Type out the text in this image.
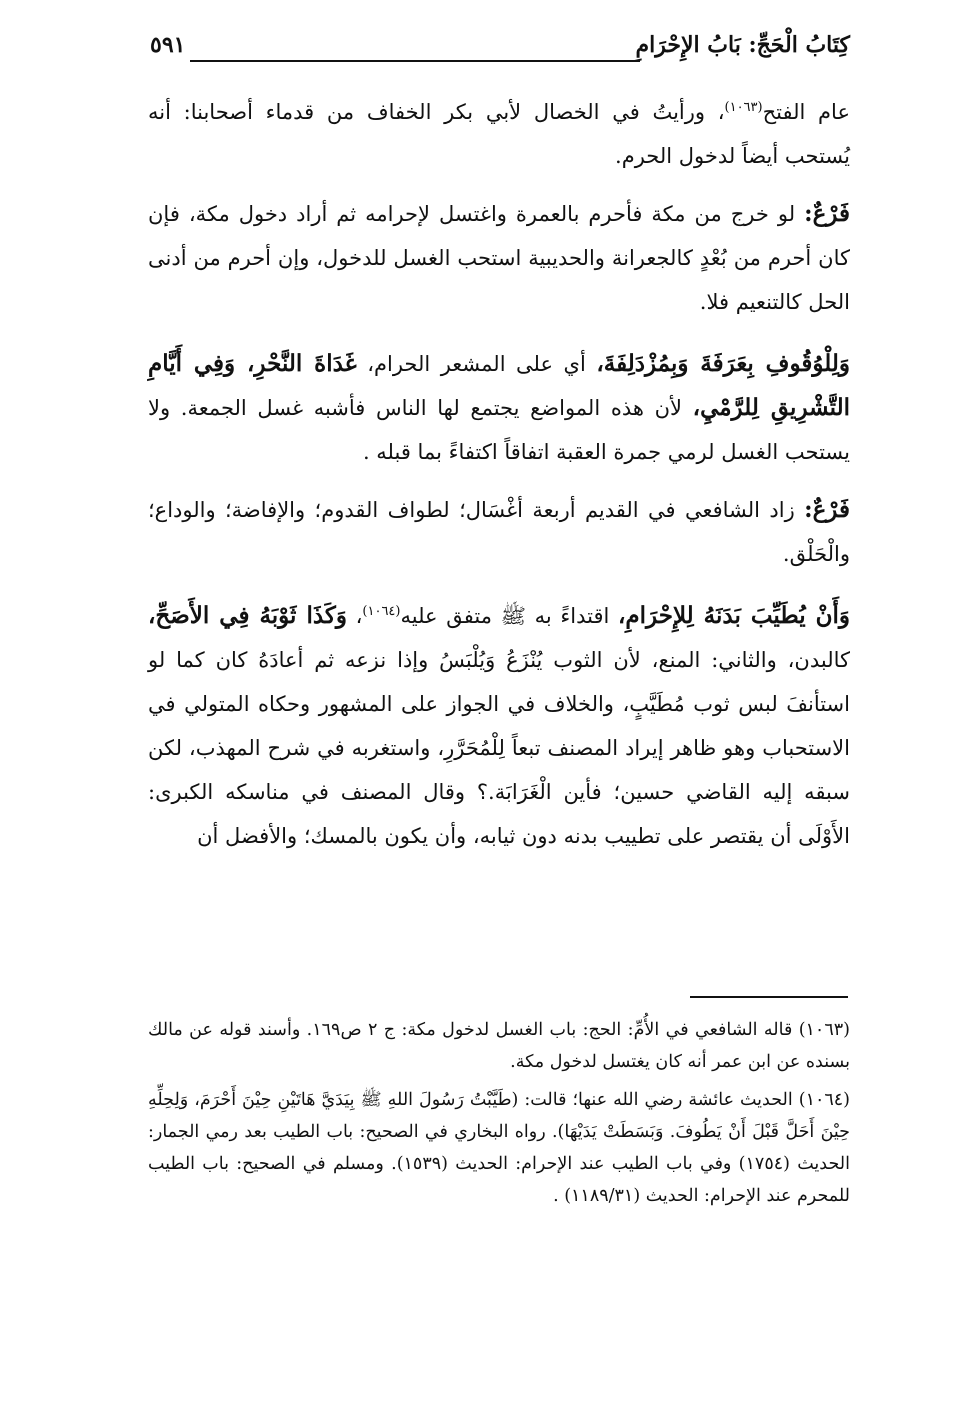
كِتَابُ الْحَجِّ: بَابُ الإِحْرَامِ
٥٩١

عام الفتح$^{(١٠٦٣)}$، ورأيتُ في الخصال لأبي بكر الخفاف من قدماء أصحابنا: أنه يُستحب أيضاً لدخول الحرم.

فَرْعٌ: لو خرج من مكة فأحرم بالعمرة واغتسل لإحرامه ثم أراد دخول مكة، فإن كان أحرم من بُعْدٍ كالجعرانة والحديبية استحب الغسل للدخول، وإن أحرم من أدنى الحل كالتنعيم فلا.

وَلِلْوُقُوفِ بِعَرَفَةَ وَبِمُزْدَلِفَةَ، أي على المشعر الحرام، غَدَاةَ النَّحْرِ، وَفِي أَيَّامِ التَّشْرِيقِ لِلرَّمْيِ، لأن هذه المواضع يجتمع لها الناس فأشبه غسل الجمعة. ولا يستحب الغسل لرمي جمرة العقبة اتفاقاً اكتفاءً بما قبله .

فَرْعٌ: زاد الشافعي في القديم أربعة أغْسَال؛ لطواف القدوم؛ والإفاضة؛ والوداع؛ والْحَلْق.

وَأَنْ يُطَيِّبَ بَدَنَهُ لِلإِحْرَامِ، اقتداءً به ﷺ متفق عليه$^{(١٠٦٤)}$، وَكَذَا ثَوْبَهُ فِي الأَصَحِّ، كالبدن، والثاني: المنع، لأن الثوب يُنْزَعُ وَيُلْبَسُ وإذا نزعه ثم أعادَهُ كان كما لو استأنفَ لبس ثوب مُطَيَّبٍ، والخلاف في الجواز على المشهور وحكاه المتولي في الاستحباب وهو ظاهر إيراد المصنف تبعاً لِلْمُحَرَّرِ، واستغربه في شرح المهذب، لكن سبقه إليه القاضي حسين؛ فأين الْغَرَابَة.؟ وقال المصنف في مناسكه الكبرى: الأَوْلَى أن يقتصر على تطييب بدنه دون ثيابه، وأن يكون بالمسك؛ والأفضل أن

(١٠٦٣) قاله الشافعي في الأُمِّ: الحج: باب الغسل لدخول مكة: ج ٢ ص١٦٩. وأسند قوله عن مالك بسنده عن ابن عمر أنه كان يغتسل لدخول مكة.

(١٠٦٤) الحديث عائشة رضي الله عنها؛ قالت: (طَيَّبْتُ رَسُولَ اللهِ ﷺ بِيَدَيَّ هَاتَيْنِ حِيْنَ أَحْرَمَ، وَلِحِلِّهِ حِيْنَ أَحَلَّ قَبْلَ أَنْ يَطُوفَ. وَبَسَطَتْ يَدَيْهَا). رواه البخاري في الصحيح: باب الطيب بعد رمي الجمار: الحديث (١٧٥٤) وفي باب الطيب عند الإحرام: الحديث (١٥٣٩). ومسلم في الصحيح: باب الطيب للمحرم عند الإحرام: الحديث (١١٨٩/٣١) .
